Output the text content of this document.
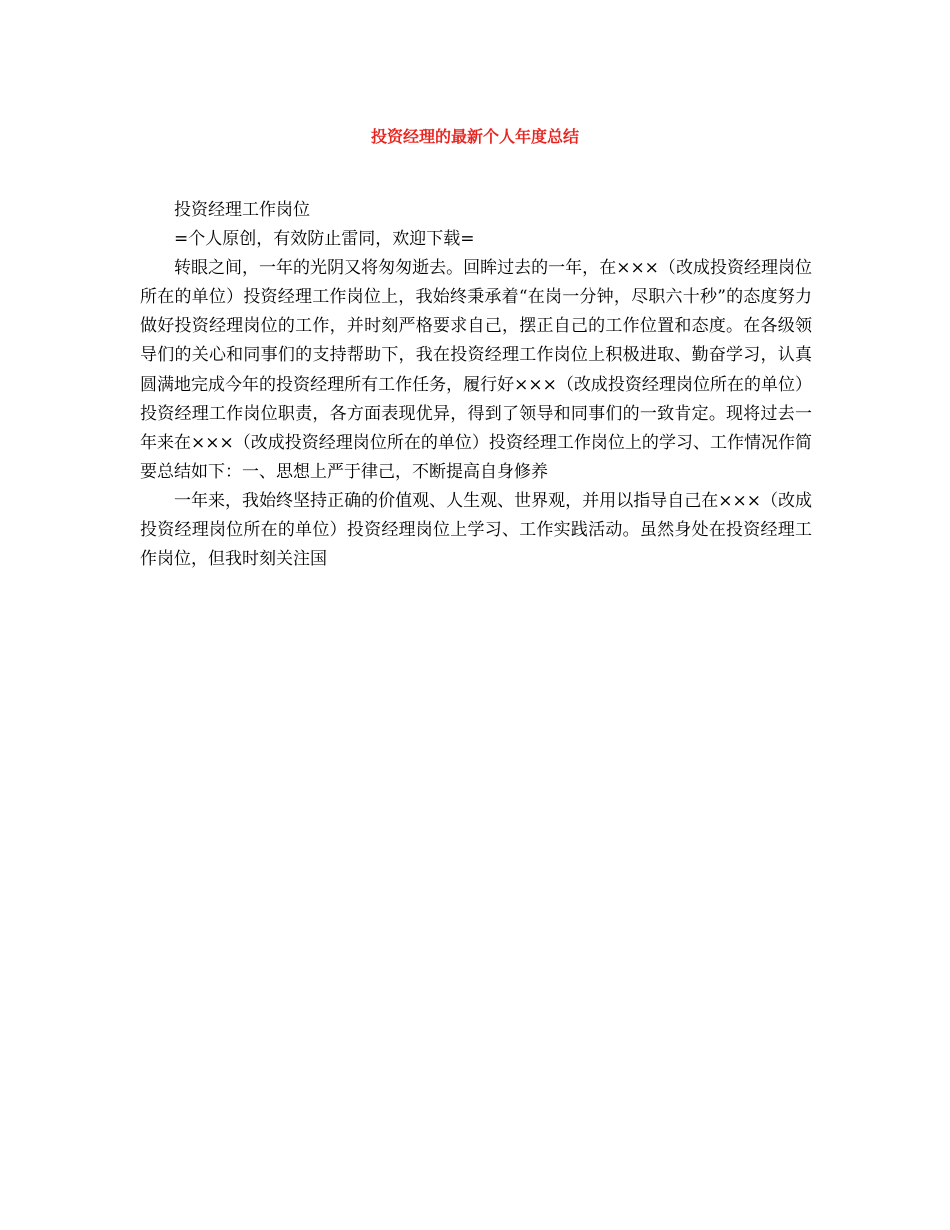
投资经理的最新个人年度总结

投资经理工作岗位

=个人原创，有效防止雷同，欢迎下载=

转眼之间，一年的光阴又将匆匆逝去。回眸过去的一年，在×××（改成投资经理岗位所在的单位）投资经理工作岗位上，我始终秉承着“在岗一分钟，尽职六十秒”的态度努力做好投资经理岗位的工作，并时刻严格要求自己，摆正自己的工作位置和态度。在各级领导们的关心和同事们的支持帮助下，我在投资经理工作岗位上积极进取、勤奋学习，认真圆满地完成今年的投资经理所有工作任务，履行好×××（改成投资经理岗位所在的单位）投资经理工作岗位职责，各方面表现优异，得到了领导和同事们的一致肯定。现将过去一年来在×××（改成投资经理岗位所在的单位）投资经理工作岗位上的学习、工作情况作简要总结如下：一、思想上严于律己，不断提高自身修养

一年来，我始终坚持正确的价值观、人生观、世界观，并用以指导自己在×××（改成投资经理岗位所在的单位）投资经理岗位上学习、工作实践活动。虽然身处在投资经理工作岗位，但我时刻关注国
